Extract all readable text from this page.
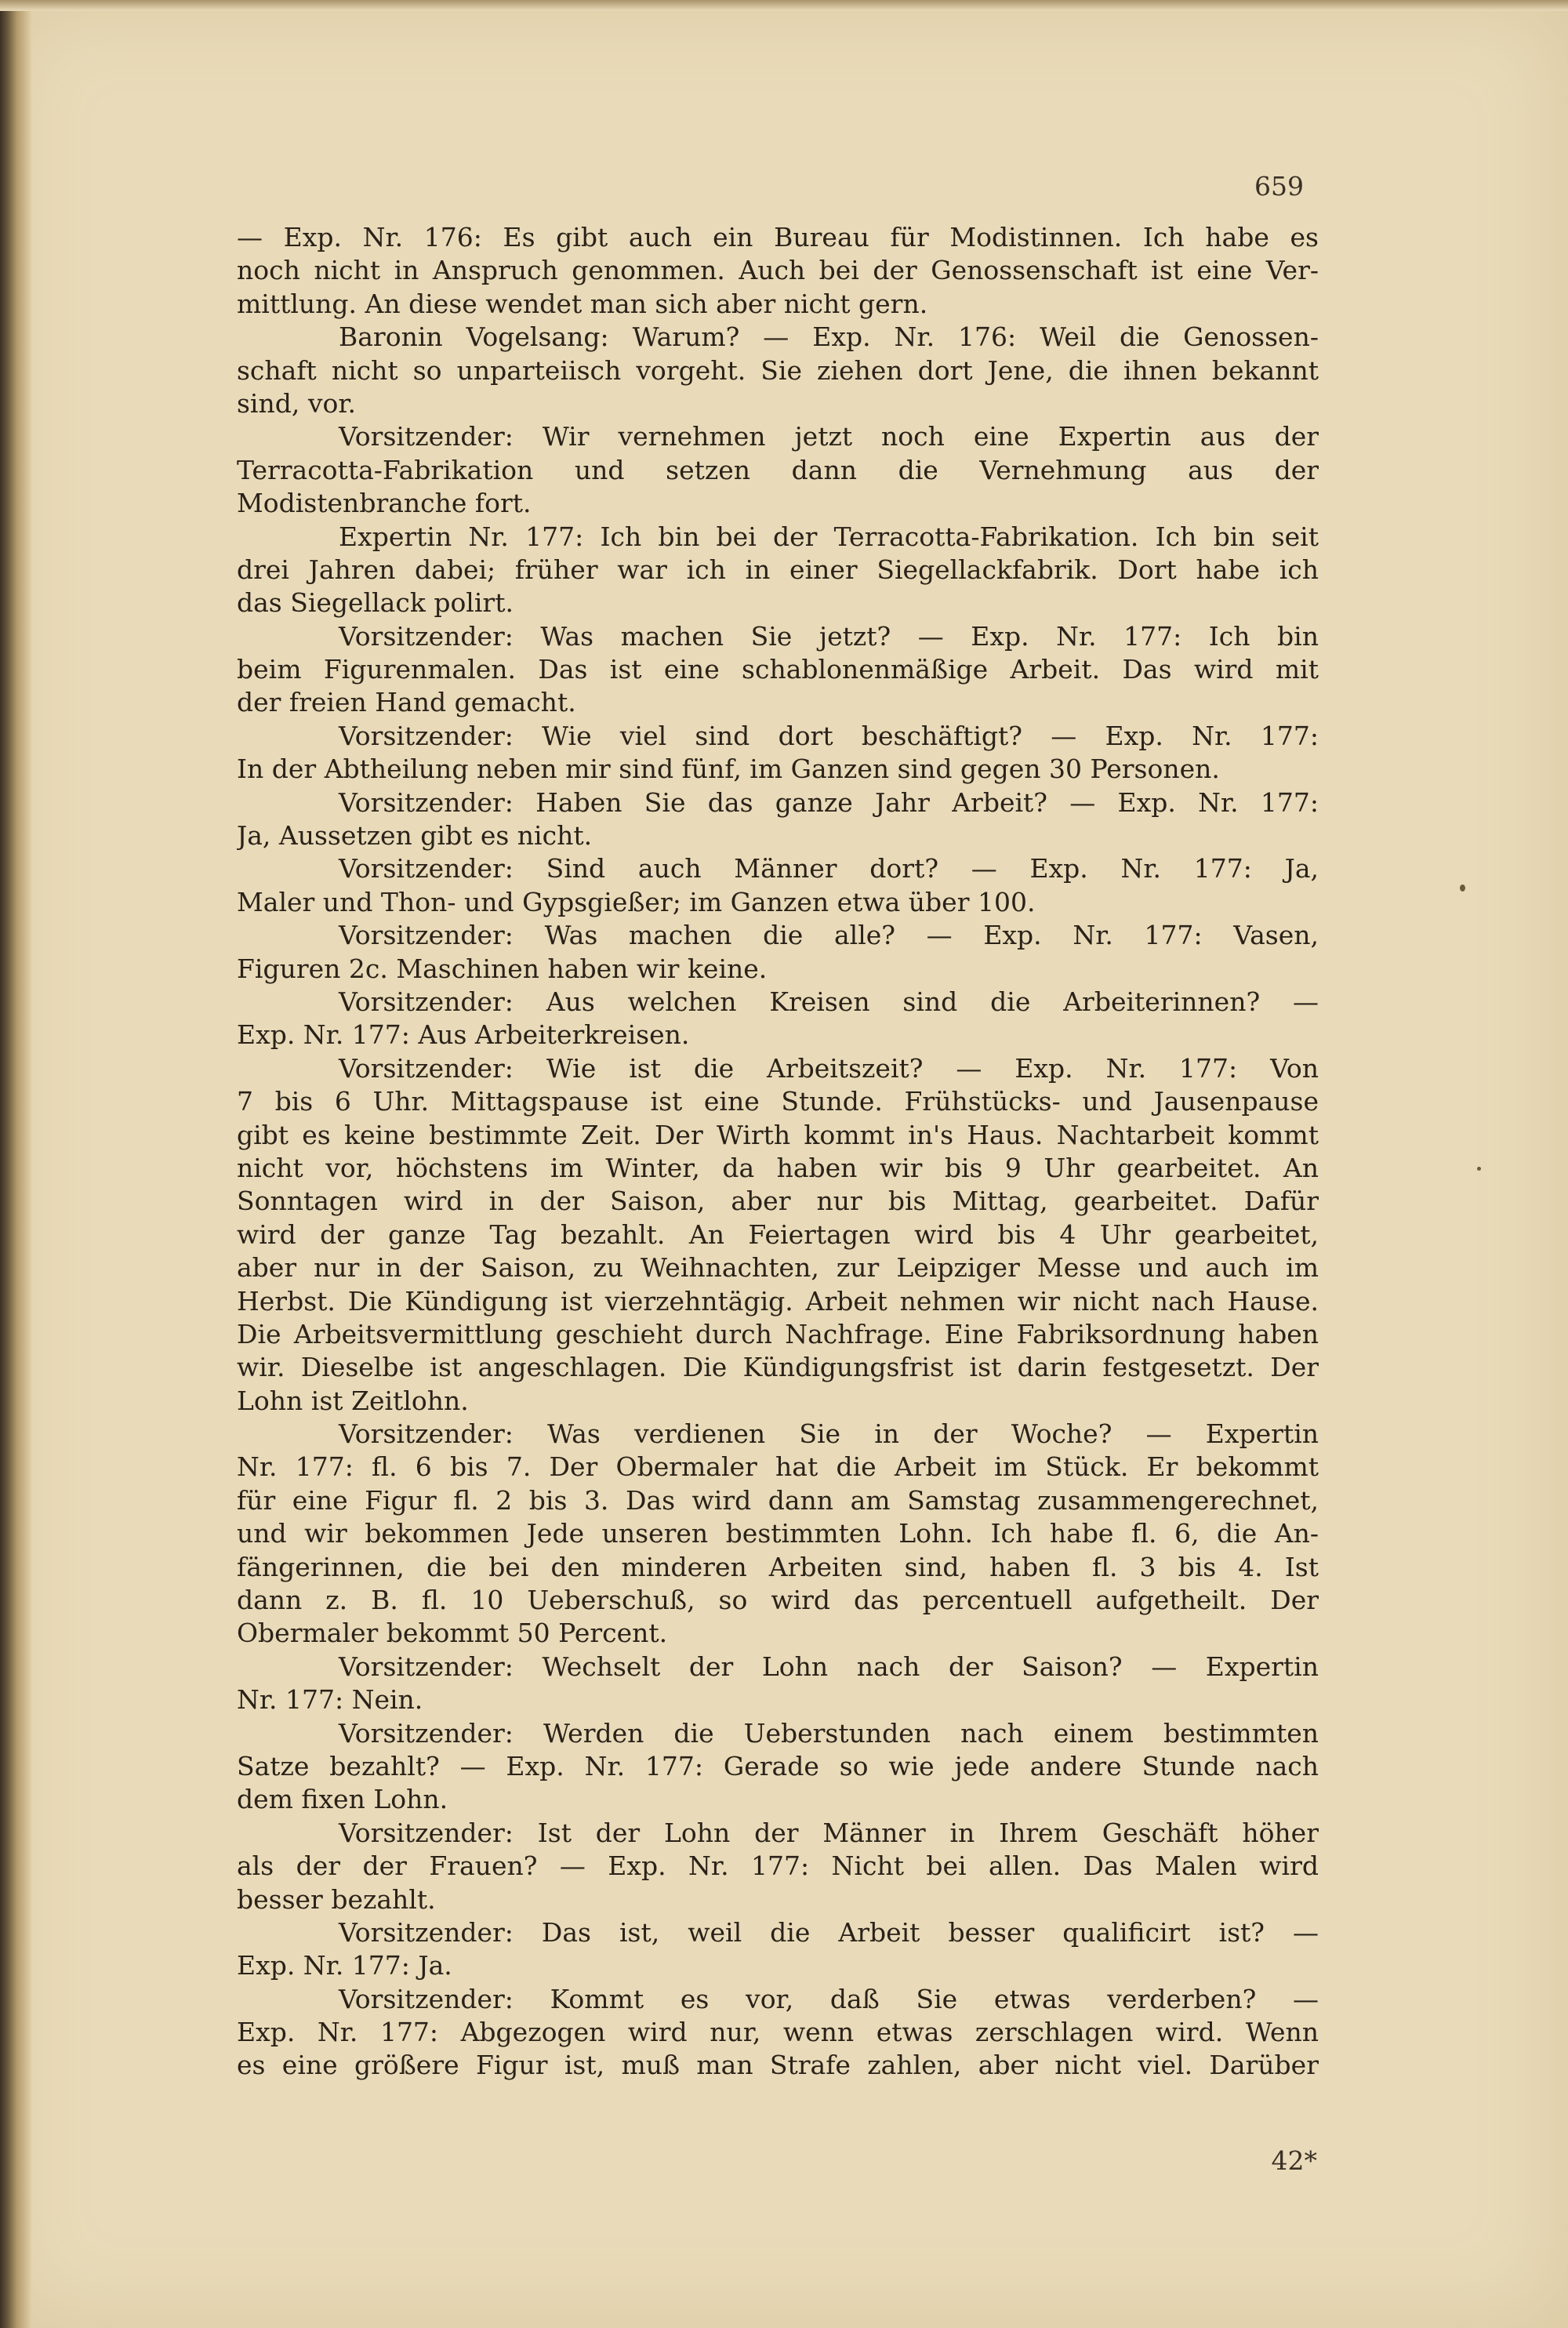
659
— Exp. Nr. 176: Es gibt auch ein Bureau für Modistinnen. Ich habe es
noch nicht in Anspruch genommen. Auch bei der Genossenschaft ist eine Ver-
mittlung. An diese wendet man sich aber nicht gern.
Baronin Vogelsang: Warum? — Exp. Nr. 176: Weil die Genossen-
schaft nicht so unparteiisch vorgeht. Sie ziehen dort Jene, die ihnen bekannt
sind, vor.
Vorsitzender: Wir vernehmen jetzt noch eine Expertin aus der
Terracotta-Fabrikation und setzen dann die Vernehmung aus der
Modistenbranche fort.
Expertin Nr. 177: Ich bin bei der Terracotta-Fabrikation. Ich bin seit
drei Jahren dabei; früher war ich in einer Siegellackfabrik. Dort habe ich
das Siegellack polirt.
Vorsitzender: Was machen Sie jetzt? — Exp. Nr. 177: Ich bin
beim Figurenmalen. Das ist eine schablonenmäßige Arbeit. Das wird mit
der freien Hand gemacht.
Vorsitzender: Wie viel sind dort beschäftigt? — Exp. Nr. 177:
In der Abtheilung neben mir sind fünf, im Ganzen sind gegen 30 Personen.
Vorsitzender: Haben Sie das ganze Jahr Arbeit? — Exp. Nr. 177:
Ja, Aussetzen gibt es nicht.
Vorsitzender: Sind auch Männer dort? — Exp. Nr. 177: Ja,
Maler und Thon- und Gypsgießer; im Ganzen etwa über 100.
Vorsitzender: Was machen die alle? — Exp. Nr. 177: Vasen,
Figuren 2c. Maschinen haben wir keine.
Vorsitzender: Aus welchen Kreisen sind die Arbeiterinnen? —
Exp. Nr. 177: Aus Arbeiterkreisen.
Vorsitzender: Wie ist die Arbeitszeit? — Exp. Nr. 177: Von
7 bis 6 Uhr. Mittagspause ist eine Stunde. Frühstücks- und Jausenpause
gibt es keine bestimmte Zeit. Der Wirth kommt in's Haus. Nachtarbeit kommt
nicht vor, höchstens im Winter, da haben wir bis 9 Uhr gearbeitet. An
Sonntagen wird in der Saison, aber nur bis Mittag, gearbeitet. Dafür
wird der ganze Tag bezahlt. An Feiertagen wird bis 4 Uhr gearbeitet,
aber nur in der Saison, zu Weihnachten, zur Leipziger Messe und auch im
Herbst. Die Kündigung ist vierzehntägig. Arbeit nehmen wir nicht nach Hause.
Die Arbeitsvermittlung geschieht durch Nachfrage. Eine Fabriksordnung haben
wir. Dieselbe ist angeschlagen. Die Kündigungsfrist ist darin festgesetzt. Der
Lohn ist Zeitlohn.
Vorsitzender: Was verdienen Sie in der Woche? — Expertin
Nr. 177: fl. 6 bis 7. Der Obermaler hat die Arbeit im Stück. Er bekommt
für eine Figur fl. 2 bis 3. Das wird dann am Samstag zusammengerechnet,
und wir bekommen Jede unseren bestimmten Lohn. Ich habe fl. 6, die An-
fängerinnen, die bei den minderen Arbeiten sind, haben fl. 3 bis 4. Ist
dann z. B. fl. 10 Ueberschuß, so wird das percentuell aufgetheilt. Der
Obermaler bekommt 50 Percent.
Vorsitzender: Wechselt der Lohn nach der Saison? — Expertin
Nr. 177: Nein.
Vorsitzender: Werden die Ueberstunden nach einem bestimmten
Satze bezahlt? — Exp. Nr. 177: Gerade so wie jede andere Stunde nach
dem fixen Lohn.
Vorsitzender: Ist der Lohn der Männer in Ihrem Geschäft höher
als der der Frauen? — Exp. Nr. 177: Nicht bei allen. Das Malen wird
besser bezahlt.
Vorsitzender: Das ist, weil die Arbeit besser qualificirt ist? —
Exp. Nr. 177: Ja.
Vorsitzender: Kommt es vor, daß Sie etwas verderben? —
Exp. Nr. 177: Abgezogen wird nur, wenn etwas zerschlagen wird. Wenn
es eine größere Figur ist, muß man Strafe zahlen, aber nicht viel. Darüber
42*
